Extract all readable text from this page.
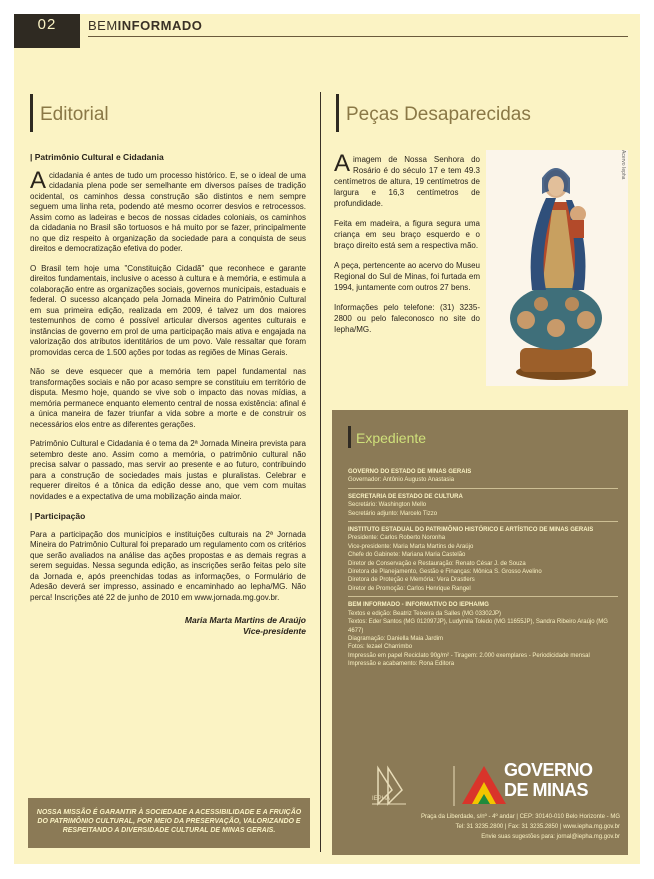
02	BEMINFORMADO
Editorial
| Patrimônio Cultural e Cidadania

Acidadania é antes de tudo um processo histórico. E, se o ideal de uma cidadania plena pode ser semelhante em diversos países de tradição ocidental, os caminhos dessa construção são distintos e nem sempre seguem uma linha reta, podendo até mesmo ocorrer desvios e retrocessos. Assim como as ladeiras e becos de nossas cidades coloniais, os caminhos da cidadania no Brasil são tortuosos e há muito por se fazer, principalmente no que diz respeito à organização da sociedade para a conquista de seus direitos e democratização efetiva do poder.

O Brasil tem hoje uma "Constituição Cidadã" que reconhece e garante direitos fundamentais, inclusive o acesso à cultura e à memória, e estimula a colaboração entre as organizações sociais, governos municipais, estaduais e federal. O sucesso alcançado pela Jornada Mineira do Patrimônio Cultural em sua primeira edição, realizada em 2009, é talvez um dos maiores testemunhos de como é possível articular diversos agentes culturais e instâncias de governo em prol de uma participação mais ativa e engajada na valorização dos atributos identitários de um povo. Vale ressaltar que foram promovidas cerca de 1.500 ações por todas as regiões de Minas Gerais.

Não se deve esquecer que a memória tem papel fundamental nas transformações sociais e não por acaso sempre se constituiu em território de disputa. Mesmo hoje, quando se vive sob o impacto das novas mídias, a memória permanece enquanto elemento central de nossa existência: afinal é a única maneira de fazer triunfar a vida sobre a morte e de construir os necessários elos entre as diferentes gerações.

Patrimônio Cultural e Cidadania é o tema da 2ª Jornada Mineira prevista para setembro deste ano. Assim como a memória, o patrimônio cultural não precisa salvar o passado, mas servir ao presente e ao futuro, contribuindo para a construção de sociedades mais justas e pluralistas. Celebrar e requerer direitos é a tônica da edição desse ano, que vem com muitas novidades e a expectativa de uma mobilização ainda maior.

| Participação

Para a participação dos municípios e instituições culturais na 2ª Jornada Mineira do Patrimônio Cultural foi preparado um regulamento com os critérios que serão avaliados na análise das ações propostas e as demais regras a serem seguidas. Nessa segunda edição, as inscrições serão feitas pelo site da Jornada e, após preenchidas todas as informações, o Formulário de Adesão deverá ser impresso, assinado e encaminhado ao Iepha/MG. Não perca! Inscrições até 22 de junho de 2010 em www.jornada.mg.gov.br.

Maria Marta Martins de Araújo
Vice-presidente
NOSSA MISSÃO É GARANTIR À SOCIEDADE A ACESSIBILIDADE E A FRUIÇÃO DO PATRIMÔNIO CULTURAL, POR MEIO DA PRESERVAÇÃO, VALORIZANDO E RESPEITANDO A DIVERSIDADE CULTURAL DE MINAS GERAIS.
Peças Desaparecidas

Aimagem de Nossa Senhora do Rosário é do século 17 e tem 49.3 centímetros de altura, 19 centímetros de largura e 16,3 centímetros de profundidade.

Feita em madeira, a figura segura uma criança em seu braço esquerdo e o braço direito está sem a respectiva mão.

A peça, pertencente ao acervo do Museu Regional do Sul de Minas, foi furtada em 1994, juntamente com outros 27 bens.

Informações pelo telefone: (31) 3235-2800 ou pelo faleconosco no site do Iepha/MG.

Acervo Iepha
Expediente
GOVERNO DO ESTADO DE MINAS GERAIS
Governador: Antônio Augusto Anastasia
SECRETARIA DE ESTADO DE CULTURA
Secretário: Washington Mello
Secretário adjunto: Marcelo Tizzo
INSTITUTO ESTADUAL DO PATRIMÔNIO HISTÓRICO E ARTÍSTICO DE MINAS GERAIS
Presidente: Carlos Roberto Noronha
Vice-presidente: Maria Marta Martins de Araújo
Chefe do Gabinete: Mariana Maria Castelão
Diretor de Conservação e Restauração: Renato César J. de Souza
Diretora de Planejamento, Gestão e Finanças: Mônica S. Grosso Avelino
Diretora de Proteção e Memória: Vera Drastlers
Diretor de Promoção: Carlos Henrique Rangel
BEM INFORMADO - INFORMATIVO DO IEPHA/MG
Textos e edição: Beatriz Teixeira da Salles (MG 03302JP)
Textos: Eder Santos (MG 012097JP), Ludymila Toledo (MG 11655JP), Sandra Ribeiro Araújo (MG 4677)
Diagramação: Daniella Maia Jardim
Fotos: Iezael Charrimbo
Impressão em papel Reciclato 90g/m² - Tiragem: 2.000 exemplares - Periodicidade mensal
Impressão e acabamento: Rona Editora
IEPHA
GOVERNO
DE MINAS
Praça da Liberdade, s/nº - 4º andar | CEP: 30140-010 Belo Horizonte - MG
Tel: 31 3235.2800 | Fax: 31 3235.2850 | www.iepha.mg.gov.br
Envie suas sugestões para: jornal@iepha.mg.gov.br
